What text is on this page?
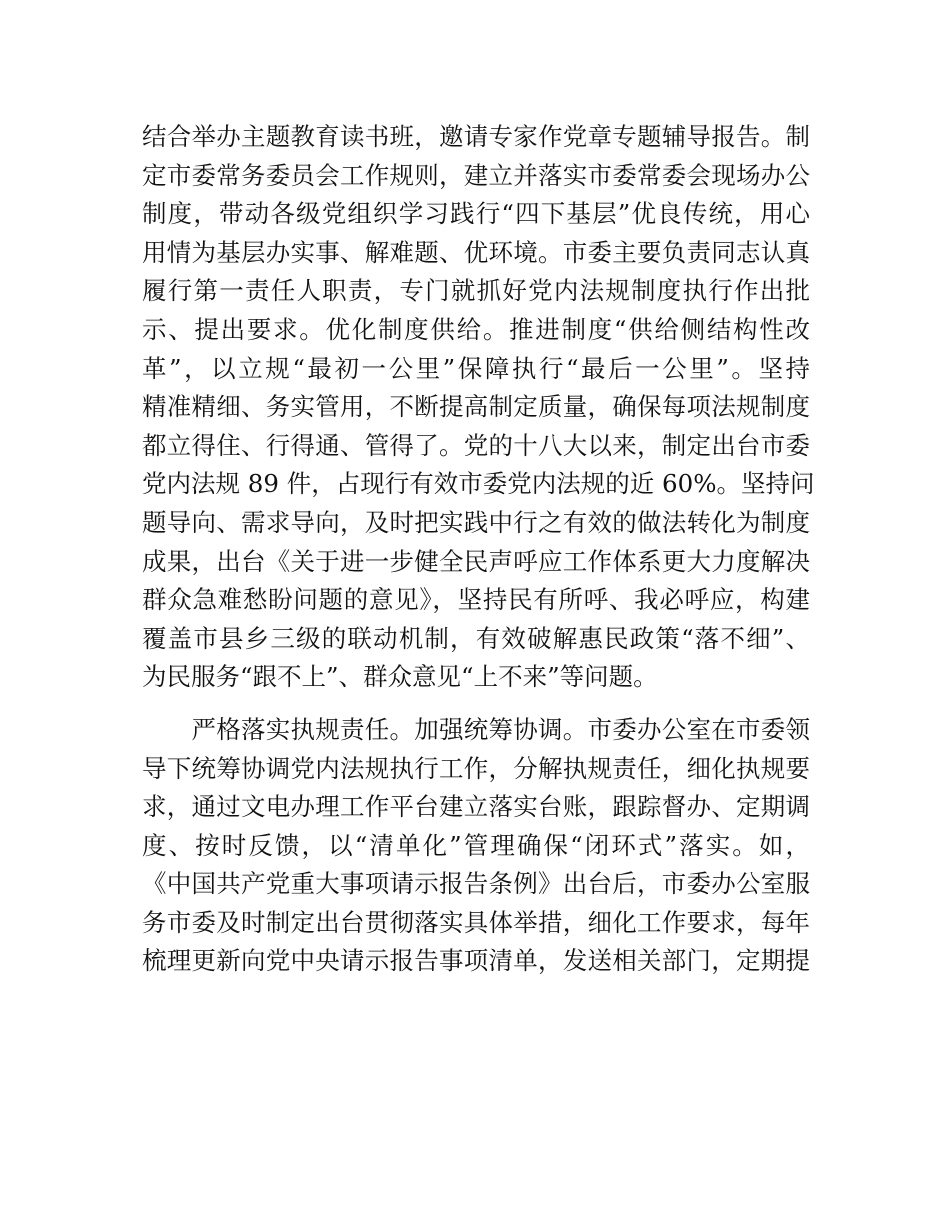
结合举办主题教育读书班，邀请专家作党章专题辅导报告。制
定市委常务委员会工作规则，建立并落实市委常委会现场办公
制度，带动各级党组织学习践行“四下基层”优良传统，用心
用情为基层办实事、解难题、优环境。市委主要负责同志认真
履行第一责任人职责，专门就抓好党内法规制度执行作出批
示、提出要求。优化制度供给。推进制度“供给侧结构性改
革”，以立规“最初一公里”保障执行“最后一公里”。坚持
精准精细、务实管用，不断提高制定质量，确保每项法规制度
都立得住、行得通、管得了。党的十八大以来，制定出台市委
党内法规 89 件，占现行有效市委党内法规的近 60%。坚持问
题导向、需求导向，及时把实践中行之有效的做法转化为制度
成果，出台《关于进一步健全民声呼应工作体系更大力度解决
群众急难愁盼问题的意见》，坚持民有所呼、我必呼应，构建
覆盖市县乡三级的联动机制，有效破解惠民政策“落不细”、
为民服务“跟不上”、群众意见“上不来”等问题。
　　严格落实执规责任。加强统筹协调。市委办公室在市委领
导下统筹协调党内法规执行工作，分解执规责任，细化执规要
求，通过文电办理工作平台建立落实台账，跟踪督办、定期调
度、按时反馈，以“清单化”管理确保“闭环式”落实。如，
《中国共产党重大事项请示报告条例》出台后，市委办公室服
务市委及时制定出台贯彻落实具体举措，细化工作要求，每年
梳理更新向党中央请示报告事项清单，发送相关部门，定期提
